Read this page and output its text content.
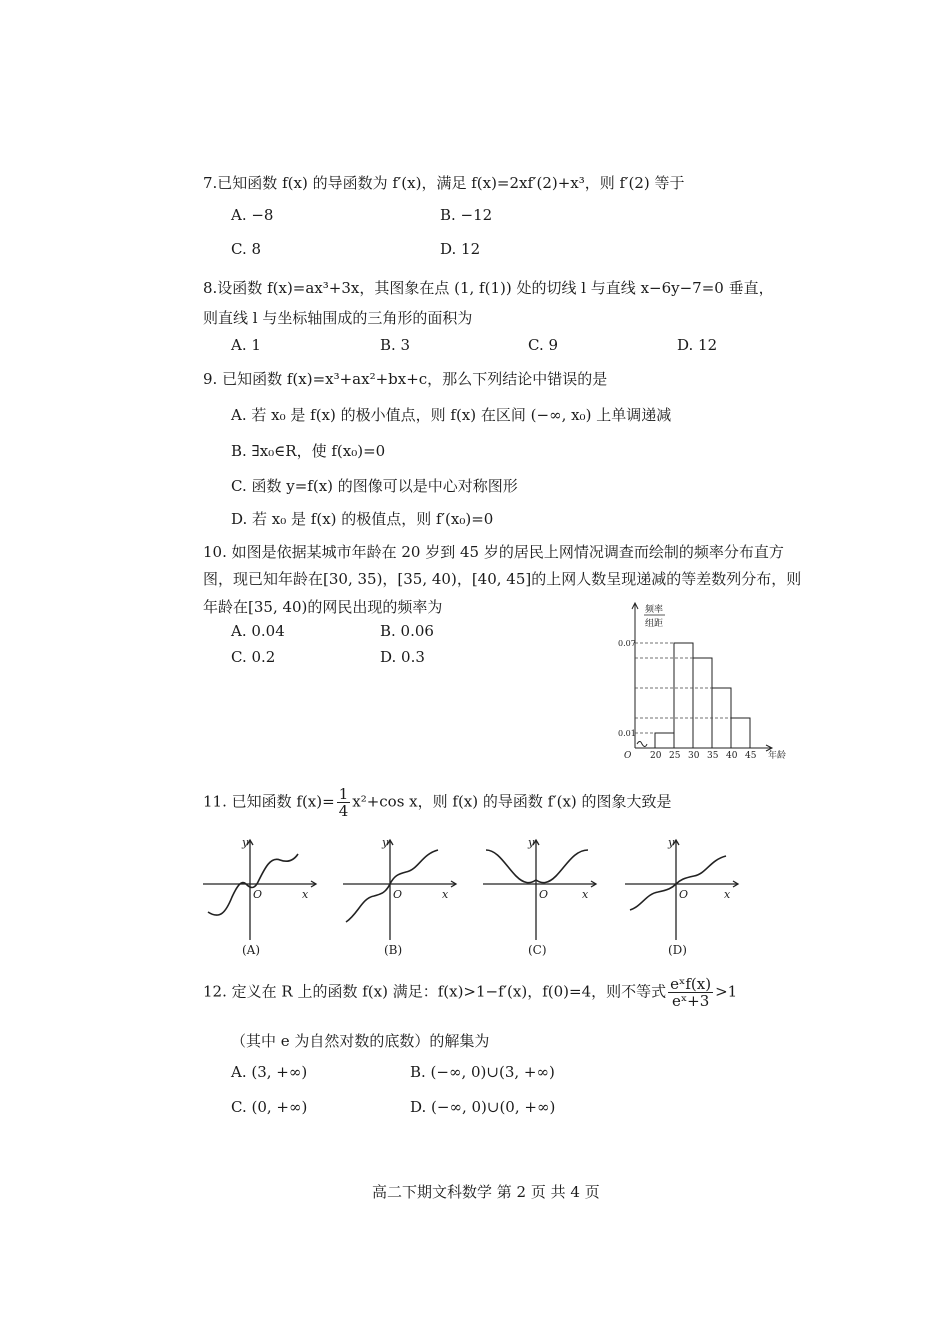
7.已知函数 f(x) 的导函数为 f′(x)，满足 f(x)=2xf′(2)+x³，则 f′(2) 等于
A. −8	B. −12
C. 8	D. 12
8.设函数 f(x)=ax³+3x，其图象在点 (1, f(1)) 处的切线 l 与直线 x−6y−7=0 垂直，
则直线 l 与坐标轴围成的三角形的面积为
A. 1	B. 3	C. 9	D. 12
9. 已知函数 f(x)=x³+ax²+bx+c，那么下列结论中错误的是
A. 若 x₀ 是 f(x) 的极小值点，则 f(x) 在区间 (−∞, x₀) 上单调递减
B. ∃x₀∈R，使 f(x₀)=0
C. 函数 y=f(x) 的图像可以是中心对称图形
D. 若 x₀ 是 f(x) 的极值点，则 f′(x₀)=0
10. 如图是依据某城市年龄在 20 岁到 45 岁的居民上网情况调查而绘制的频率分布直方
图，现已知年龄在[30, 35)，[35, 40)，[40, 45]的上网人数呈现递减的等差数列分布，则
年龄在[35, 40)的网民出现的频率为
A. 0.04	B. 0.06
C. 0.2	D. 0.3
频率
组距
O	年龄
20 25 30 35 40 45
0.07
0.01
11. 已知函数 $f(x)= \frac{1}{4} x^2+\cos$ x，则 f(x) 的导函数 f′(x) 的图象大致是
y
x
O
y
x
O
y
x
O
y
x
O
(A)	(B)	(C)	(D)
12. 定义在 R 上的函数 f(x) 满足：f(x)>1−f′(x)，f(0)=4，则不等式 $\frac{\text{eˣf(x)}}{\text{eˣ+3}} >1$
（其中 e 为自然对数的底数）的解集为
A. (3, +∞)	B. (−∞, 0)∪(3, +∞)
C. (0, +∞)	D. (−∞, 0)∪(0, +∞)
高二下期文科数学 第 2 页 共 4 页
